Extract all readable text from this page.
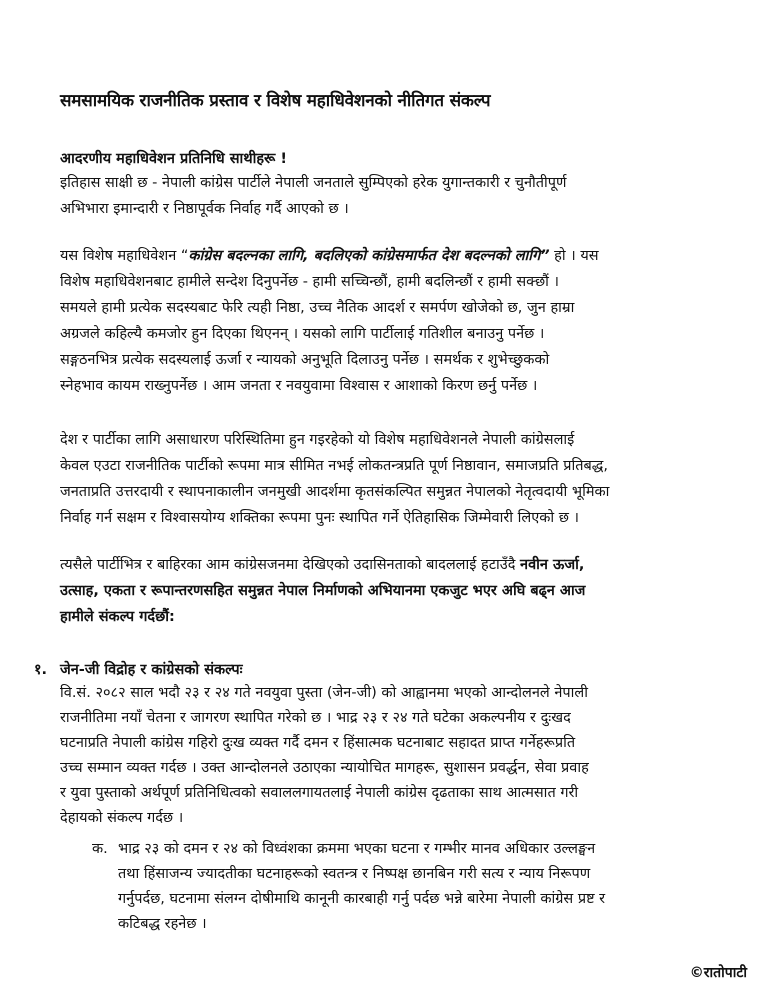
समसामयिक राजनीतिक प्रस्ताव र विशेष महाधिवेशनको नीतिगत संकल्प
आदरणीय महाधिवेशन प्रतिनिधि साथीहरू !
इतिहास साक्षी छ - नेपाली कांग्रेस पार्टीले नेपाली जनताले सुम्पिएको हरेक युगान्तकारी र चुनौतीपूर्ण
अभिभारा इमान्दारी र निष्ठापूर्वक निर्वाह गर्दै आएको छ ।
यस विशेष महाधिवेशन “कांग्रेस बदल्नका लागि, बदलिएको कांग्रेसमार्फत देश बदल्नको लागि” हो । यस
विशेष महाधिवेशनबाट हामीले सन्देश दिनुपर्नेछ - हामी सच्चिन्छौं, हामी बदलिन्छौं र हामी सक्छौं ।
समयले हामी प्रत्येक सदस्यबाट फेरि त्यही निष्ठा, उच्च नैतिक आदर्श र समर्पण खोजेको छ, जुन हाम्रा
अग्रजले कहिल्यै कमजोर हुन दिएका थिएनन् । यसको लागि पार्टीलाई गतिशील बनाउनु पर्नेछ ।
सङ्गठनभित्र प्रत्येक सदस्यलाई ऊर्जा र न्यायको अनुभूति दिलाउनु पर्नेछ । समर्थक र शुभेच्छुकको
स्नेहभाव कायम राख्नुपर्नेछ । आम जनता र नवयुवामा विश्वास र आशाको किरण छर्नु पर्नेछ ।
देश र पार्टीका लागि असाधारण परिस्थितिमा हुन गइरहेको यो विशेष महाधिवेशनले नेपाली कांग्रेसलाई
केवल एउटा राजनीतिक पार्टीको रूपमा मात्र सीमित नभई लोकतन्त्रप्रति पूर्ण निष्ठावान, समाजप्रति प्रतिबद्ध,
जनताप्रति उत्तरदायी र स्थापनाकालीन जनमुखी आदर्शमा कृतसंकल्पित समुन्नत नेपालको नेतृत्वदायी भूमिका
निर्वाह गर्न सक्षम र विश्वासयोग्य शक्तिका रूपमा पुनः स्थापित गर्ने ऐतिहासिक जिम्मेवारी लिएको छ ।
त्यसैले पार्टीभित्र र बाहिरका आम कांग्रेसजनमा देखिएको उदासिनताको बादललाई हटाउँदै नवीन ऊर्जा,
उत्साह, एकता र रूपान्तरणसहित समुन्नत नेपाल निर्माणको अभियानमा एकजुट भएर अघि बढ्न आज
हामीले संकल्प गर्दछौं:
१. जेन-जी विद्रोह र कांग्रेसको संकल्पः
वि.सं. २०८२ साल भदौ २३ र २४ गते नवयुवा पुस्ता (जेन-जी) को आह्वानमा भएको आन्दोलनले नेपाली
राजनीतिमा नयाँ चेतना र जागरण स्थापित गरेको छ । भाद्र २३ र २४ गते घटेका अकल्पनीय र दुःखद
घटनाप्रति नेपाली कांग्रेस गहिरो दुःख व्यक्त गर्दै दमन र हिंसात्मक घटनाबाट सहादत प्राप्त गर्नेहरूप्रति
उच्च सम्मान व्यक्त गर्दछ । उक्त आन्दोलनले उठाएका न्यायोचित मागहरू, सुशासन प्रवर्द्धन, सेवा प्रवाह
र युवा पुस्ताको अर्थपूर्ण प्रतिनिधित्वको सवाललगायतलाई नेपाली कांग्रेस दृढताका साथ आत्मसात गरी
देहायको संकल्प गर्दछ ।
क. भाद्र २३ को दमन र २४ को विध्वंशका क्रममा भएका घटना र गम्भीर मानव अधिकार उल्लङ्घन
तथा हिंसाजन्य ज्यादतीका घटनाहरूको स्वतन्त्र र निष्पक्ष छानबिन गरी सत्य र न्याय निरूपण
गर्नुपर्दछ, घटनामा संलग्न दोषीमाथि कानूनी कारबाही गर्नु पर्दछ भन्ने बारेमा नेपाली कांग्रेस प्रष्ट र
कटिबद्ध रहनेछ ।
©रातोपाटी
